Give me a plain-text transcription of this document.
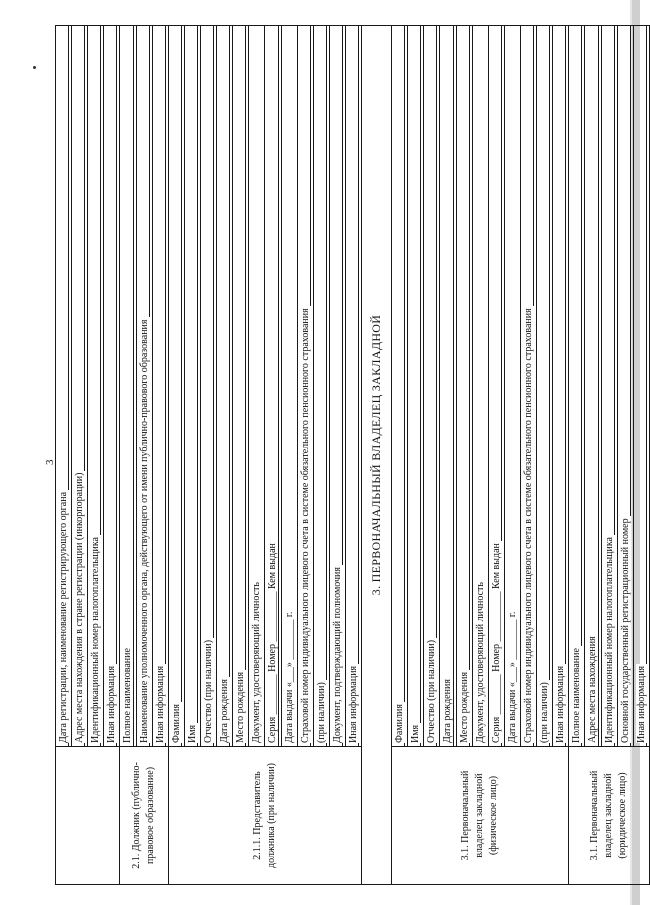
3

Дата регистрации, наименование регистрирующего органа

Адрес места нахождения в стране регистрации (инкорпорации)

Идентификационный номер налогоплательщика

Иная информация
2.1. Должник (публично-правовое образование)	Полное наименование

Наименование уполномоченного органа, действующего от имени публично-правового образования

Иная информация
2.1.1. Представитель должника (при наличии)	Фамилия

Имя

Отчество (при наличии)

Дата рождения

Место рождения
	Документ, удостоверяющий личность

Серия ________ Номер __________ Кем выдан
	Дата выдачи «___» ________ г.

Страховой номер индивидуального лицевого счета в системе обязательного пенсионного страхования

(при наличии)

Документ, подтверждающий полномочия

Иная информация
3. ПЕРВОНАЧАЛЬНЫЙ ВЛАДЕЛЕЦ ЗАКЛАДНОЙ	
3.1. Первоначальный владелец закладной (физическое лицо)	Фамилия

Имя

Отчество (при наличии)

Дата рождения

Место рождения
	Документ, удостоверяющий личность

Серия ________ Номер __________ Кем выдан
	Дата выдачи «___» ________ г.

Страховой номер индивидуального лицевого счета в системе обязательного пенсионного страхования

(при наличии)

Иная информация
3.1. Первоначальный владелец закладной (юридическое лицо)	Полное наименование

Адрес места нахождения

Идентификационный номер налогоплательщика

Основной государственный регистрационный номер

Иная информация
